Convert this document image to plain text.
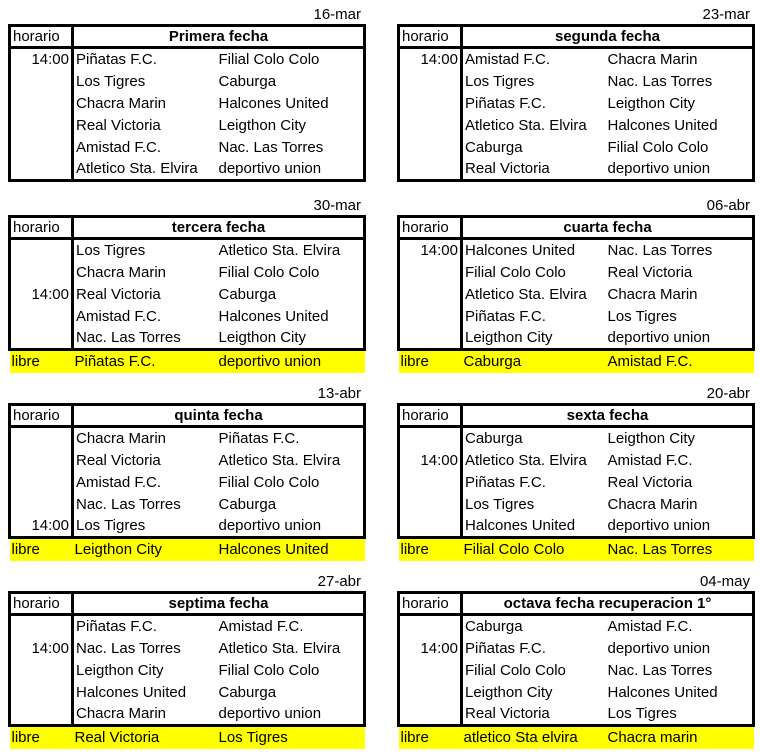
16-mar
horario	Primera fecha	
14:00	Piñatas F.C.	Filial Colo Colo
	Los Tigres	Caburga
	Chacra Marin	Halcones United
	Real Victoria	Leigthon City
	Amistad F.C.	Nac. Las Torres
	Atletico Sta. Elvira	deportivo union
23-mar
horario	segunda fecha	
14:00	Amistad F.C.	Chacra Marin
	Los Tigres	Nac. Las Torres
	Piñatas F.C.	Leigthon City
	Atletico Sta. Elvira	Halcones United
	Caburga	Filial Colo Colo
	Real Victoria	deportivo union
30-mar
horario	tercera fecha	
	Los Tigres	Atletico Sta. Elvira
	Chacra Marin	Filial Colo Colo
14:00	Real Victoria	Caburga
	Amistad F.C.	Halcones United
	Nac. Las Torres	Leigthon City
libre	Piñatas F.C.	deportivo union
06-abr
horario	cuarta fecha	
14:00	Halcones United	Nac. Las Torres
	Filial Colo Colo	Real Victoria
	Atletico Sta. Elvira	Chacra Marin
	Piñatas F.C.	Los Tigres
	Leigthon City	deportivo union
libre	Caburga	Amistad F.C.
13-abr
horario	quinta fecha	
	Chacra Marin	Piñatas F.C.
	Real Victoria	Atletico Sta. Elvira
	Amistad F.C.	Filial Colo Colo
	Nac. Las Torres	Caburga
14:00	Los Tigres	deportivo union
libre	Leigthon City	Halcones United
20-abr
horario	sexta fecha	
	Caburga	Leigthon City
14:00	Atletico Sta. Elvira	Amistad F.C.
	Piñatas F.C.	Real Victoria
	Los Tigres	Chacra Marin
	Halcones United	deportivo union
libre	Filial Colo Colo	Nac. Las Torres
27-abr
horario	septima fecha	
	Piñatas F.C.	Amistad F.C.
14:00	Nac. Las Torres	Atletico Sta. Elvira
	Leigthon City	Filial Colo Colo
	Halcones United	Caburga
	Chacra Marin	deportivo union
libre	Real Victoria	Los Tigres
04-may
horario	octava fecha recuperacion 1°	
	Caburga	Amistad F.C.
14:00	Piñatas F.C.	deportivo union
	Filial Colo Colo	Nac. Las Torres
	Leigthon City	Halcones United
	Real Victoria	Los Tigres
libre	atletico Sta elvira	Chacra marin
